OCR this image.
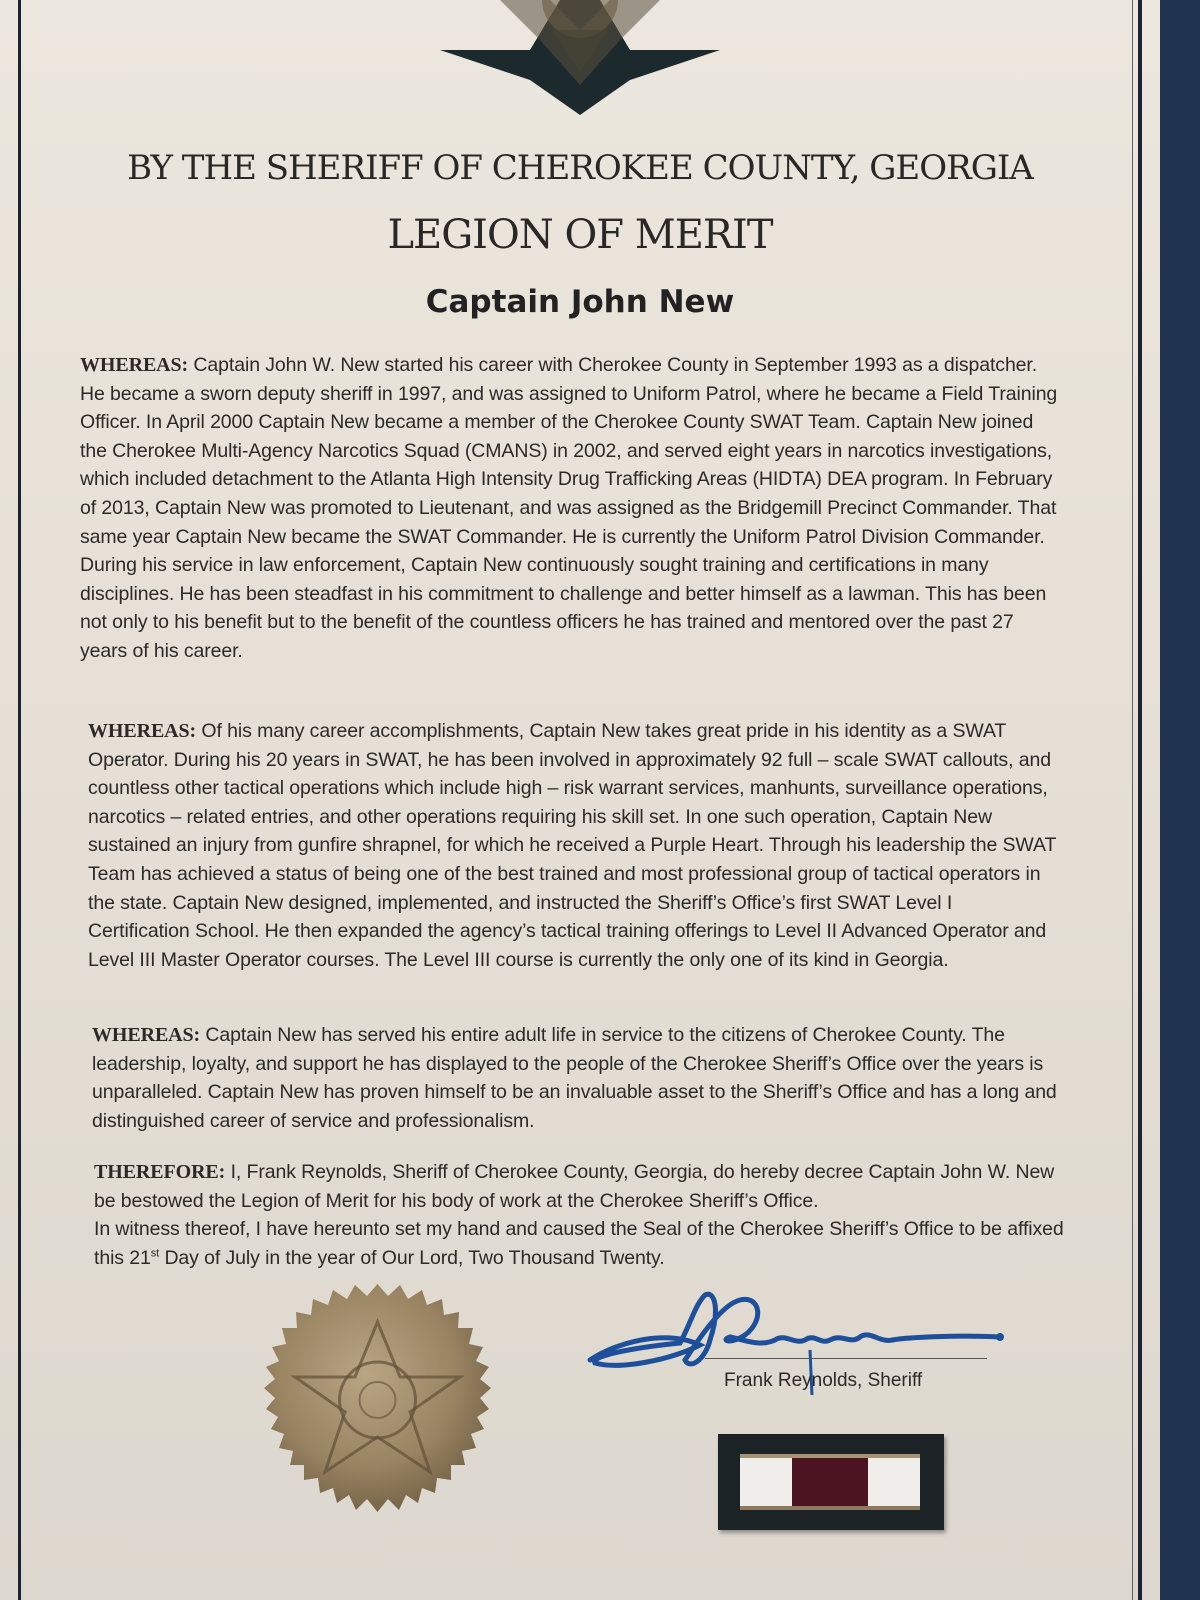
BY THE SHERIFF OF CHEROKEE COUNTY, GEORGIA
LEGION OF MERIT
Captain John New
WHEREAS: Captain John W. New started his career with Cherokee County in September 1993 as a dispatcher. He became a sworn deputy sheriff in 1997, and was assigned to Uniform Patrol, where he became a Field Training Officer. In April 2000 Captain New became a member of the Cherokee County SWAT Team. Captain New joined the Cherokee Multi-Agency Narcotics Squad (CMANS) in 2002, and served eight years in narcotics investigations, which included detachment to the Atlanta High Intensity Drug Trafficking Areas (HIDTA) DEA program. In February of 2013, Captain New was promoted to Lieutenant, and was assigned as the Bridgemill Precinct Commander. That same year Captain New became the SWAT Commander. He is currently the Uniform Patrol Division Commander. During his service in law enforcement, Captain New continuously sought training and certifications in many disciplines. He has been steadfast in his commitment to challenge and better himself as a lawman. This has been not only to his benefit but to the benefit of the countless officers he has trained and mentored over the past 27 years of his career.
WHEREAS: Of his many career accomplishments, Captain New takes great pride in his identity as a SWAT Operator. During his 20 years in SWAT, he has been involved in approximately 92 full – scale SWAT callouts, and countless other tactical operations which include high – risk warrant services, manhunts, surveillance operations, narcotics – related entries, and other operations requiring his skill set. In one such operation, Captain New sustained an injury from gunfire shrapnel, for which he received a Purple Heart. Through his leadership the SWAT Team has achieved a status of being one of the best trained and most professional group of tactical operators in the state. Captain New designed, implemented, and instructed the Sheriff’s Office’s first SWAT Level I Certification School. He then expanded the agency’s tactical training offerings to Level II Advanced Operator and Level III Master Operator courses. The Level III course is currently the only one of its kind in Georgia.
WHEREAS: Captain New has served his entire adult life in service to the citizens of Cherokee County. The leadership, loyalty, and support he has displayed to the people of the Cherokee Sheriff’s Office over the years is unparalleled. Captain New has proven himself to be an invaluable asset to the Sheriff’s Office and has a long and distinguished career of service and professionalism.
THEREFORE: I, Frank Reynolds, Sheriff of Cherokee County, Georgia, do hereby decree Captain John W. New be bestowed the Legion of Merit for his body of work at the Cherokee Sheriff’s Office.
In witness thereof, I have hereunto set my hand and caused the Seal of the Cherokee Sheriff’s Office to be affixed this 21st Day of July in the year of Our Lord, Two Thousand Twenty.
Frank Reynolds, Sheriff
